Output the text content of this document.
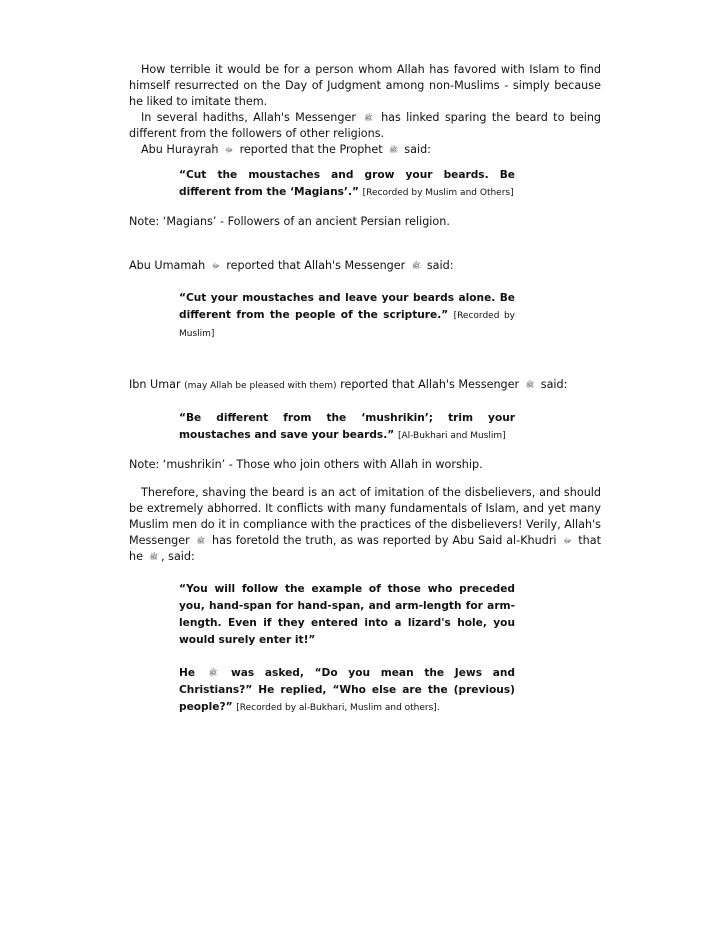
How terrible it would be for a person whom Allah has favored with Islam to find himself resurrected on the Day of Judgment among non-Muslims - simply because he liked to imitate them.

In several hadiths, Allah's Messenger ﷺ has linked sparing the beard to being different from the followers of other religions.

Abu Hurayrah ﷻ reported that the Prophet ﷺ said:

“Cut the moustaches and grow your beards. Be different from the ‘Magians’.” [Recorded by Muslim and Others]

Note: ‘Magians’ - Followers of an ancient Persian religion.

Abu Umamah ﷻ reported that Allah's Messenger ﷺ said:

“Cut your moustaches and leave your beards alone. Be different from the people of the scripture.” [Recorded by Muslim]

Ibn Umar (may Allah be pleased with them) reported that Allah's Messenger ﷺ said:

“Be different from the ‘mushrikin’; trim your moustaches and save your beards.” [Al-Bukhari and Muslim]

Note: ‘mushrikin’ - Those who join others with Allah in worship.

Therefore, shaving the beard is an act of imitation of the disbelievers, and should be extremely abhorred. It conflicts with many fundamentals of Islam, and yet many Muslim men do it in compliance with the practices of the disbelievers! Verily, Allah's Messenger ﷺ has foretold the truth, as was reported by Abu Said al-Khudri ﷻ that he ﷺ , said:

“You will follow the example of those who preceded you, hand-span for hand-span, and arm-length for arm-length. Even if they entered into a lizard's hole, you would surely enter it!”

He ﷺ was asked, “Do you mean the Jews and Christians?” He replied, “Who else are the (previous) people?” [Recorded by al-Bukhari, Muslim and others].
